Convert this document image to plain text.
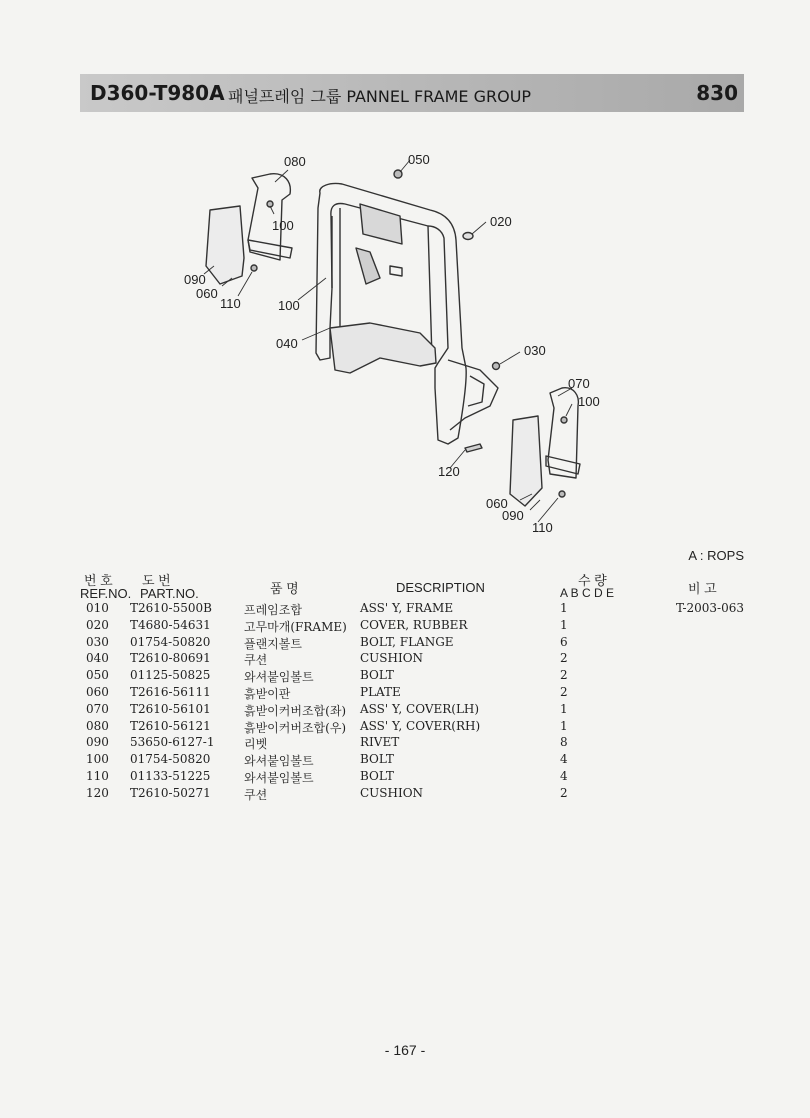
D360-T980A 패널프레임 그룹 PANNEL FRAME GROUP	830
080	050
100	020
090
060
110	100
040	030
070
100
120
060
090
110
A : ROPS
번 호
REF.NO.
도 번
PART.NO.	품 명	DESCRIPTION	수 량
A B C D E	비 고
010 T2610-5500B	프레임조합	ASS' Y, FRAME	1	T-2003-063
020 T4680-54631	고무마개(FRAME) COVER, RUBBER	1
030 01754-50820	플랜지볼트	BOLT, FLANGE	6
040 T2610-80691	쿠션	CUSHION	2
050 01125-50825	와셔붙임볼트	BOLT	2
060 T2616-56111	흙받이판	PLATE	2
070 T2610-56101	흙받이커버조합(좌) ASS' Y, COVER(LH)	1
080 T2610-56121	흙받이커버조합(우) ASS' Y, COVER(RH)	1
090 53650-6127-1 리벳	RIVET	8
100 01754-50820	와셔붙임볼트	BOLT	4
110 01133-51225	와셔붙임볼트	BOLT	4
120 T2610-50271	쿠션	CUSHION	2
- 167 -
